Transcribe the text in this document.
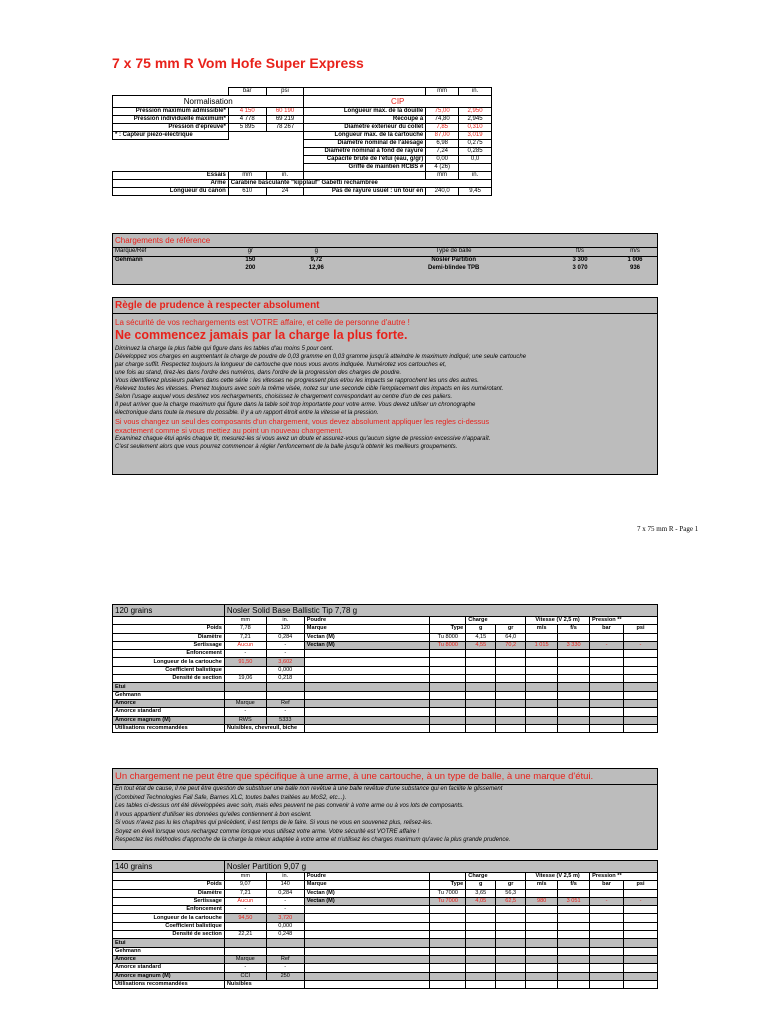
7 x 75 mm R Vom Hofe Super Express
	bar	psi		mm	in.
Normalisation			CIP		
Pression maximum admissible*	4 150	60 190	Longueur max. de la douille	75,00	2,950
Pression individuelle maximum*	4 778	69 219	Recoupe à	74,80	2,945
Pression d'epreuve*	5 895	78 267	Diamètre exterieur du collet	7,85	0,310
* : Capteur piezo-electrique			Longueur max. de la cartouche	87,00	3,019
			Diametre nominal de l'alesage	6,98	0,275
			Diametre nominal à fond de rayure	7,24	0,285
			Capacite brute de l'etui (eau, g/gr)	0,00	0,0
			Griffe de maintien RCBS #	4 (26)	
Essais	mm	in.		mm	in.
Arme	Carabine basculante "kipplauf" Gabetti rechambree				
Longueur du canon	610	24	Pas de rayure usuel : un tour en	240,0	9,45
Chargements de référence
Marque/Ref	gr	g	Type de balle	ft/s	m/s
Gehmann	150	9,72	Nosler Partition	3 300	1 006
	200	12,96	Demi-blindee TPB	3 070	936
Règle de prudence à respecter absolument
La sécurité de vos rechargements est VOTRE affaire, et celle de personne d'autre !
Ne commencez jamais par la charge la plus forte.

Diminuez la charge la plus faible qui figure dans les tables d'au moins 5 pour cent.

Développez vos charges en augmentant la charge de poudre de 0,03 gramme en 0,03 gramme jusqu'à atteindre le maximum indiqué; une seule cartouche

par charge suffit. Respectez toujours la longueur de cartouche que nous vous avons indiquée. Numérotez vos cartouches et,

une fois au stand, tirez-les dans l'ordre des numéros, dans l'ordre de la progression des charges de poudre.

Vous identifierez plusieurs paliers dans cette série : les vitesses ne progressent plus et/ou les impacts se rapprochent les uns des autres.

Relevez toutes les vitesses. Prenez toujours avec soin la même visée, notez sur une seconde cible l'emplacement des impacts en les numérotant.

Selon l'usage auquel vous destinez vos rechargements, choisissez le chargement correspondant au centre d'un de ces paliers.

Il peut arriver que la charge maximum qui figure dans la table soit trop importante pour votre arme. Vous devez utiliser un chronographe

électronique dans toute la mesure du possible. Il y a un rapport étroit entre la vitesse et la pression.

Si vous changez un seul des composants d'un chargement, vous devez absolument appliquer les regles ci-dessus

exactement comme si vous mettiez au point un nouveau chargement.

Examinez chaque étui après chaque tir, mesurez-les si vous avez un doute et assurez-vous qu'aucun signe de pression excessive n'apparaît.

C'est seulement alors que vous pourrez commencer à régler l'enfoncement de la balle jusqu'à obtenir les meilleurs groupements.

7 x 75 mm R - Page 1
120 grains	Nosler Solid Base Ballistic Tip 7,78 g									
	mm	in.	Poudre		Charge		Vitesse (V 2,5 m)		Pression **	
Poids	7,78	120	Marque	Type	g	gr	m/s	f/s	bar	psi
Diamètre	7,21	0,284	Vectan (M)	Tu 8000	4,15	64,0				
Sertissage	Aucun	-	Vectan (M)	Tu 8000	4,55	70,2	1 015	3 330	-	-
Enfoncement	-	-								
Longueur de la cartouche	91,50	3,602								
Coefficient balistique		0,000								
Densité de section	19,06	0,218								
Etui										
Gehmann										
Amorce	Marque	Ref								
Amorce standard	-	-								
Amorce magnum (M)	RWS	5333								
Utilisations recommandées	Nuisibles, chevreuil, biche									
Un chargement ne peut être que spécifique à une arme, à une cartouche, à un type de balle, à une marque d'étui.

En tout état de cause, il ne peut être question de substituer une balle non revêtue à une balle revêtue d'une substance qui en facilite le glissement

(Combined Technologies Fail Safe, Barnes XLC, toutes balles traitées au MoS2, etc...).

Les tables ci-dessus ont été développées avec soin, mais elles peuvent ne pas convenir à votre arme ou à vos lots de composants.

Il vous appartient d'utiliser les données qu'elles contiennent à bon escient.

Si vous n'avez pas lu les chapitres qui précèdent, il est temps de le faire. Si vous ne vous en souvenez plus, relisez-les.

Soyez en éveil lorsque vous rechargez comme lorsque vous utilisez votre arme. Votre sécurité est VOTRE affaire !

Respectez les méthodes d'approche de la charge la mieux adaptée à votre arme et n'utilisez les charges maximum qu'avec la plus grande prudence.

140 grains	Nosler Partition 9,07 g									
	mm	in.	Poudre		Charge		Vitesse (V 2,5 m)		Pression **	
Poids	9,07	140	Marque	Type	g	gr	m/s	f/s	bar	psi
Diamètre	7,21	0,284	Vectan (M)	Tu 7000	3,65	56,3				
Sertissage	Aucun	-	Vectan (M)	Tu 7000	4,05	62,5	980	3 051	-	-
Enfoncement	-	-								
Longueur de la cartouche	94,50	3,720								
Coefficient balistique		0,000								
Densité de section	22,21	0,248								
Etui										
Gehmann										
Amorce	Marque	Ref								
Amorce standard	-	-								
Amorce magnum (M)	CCI	250								
Utilisations recommandées	Nuisibles									
